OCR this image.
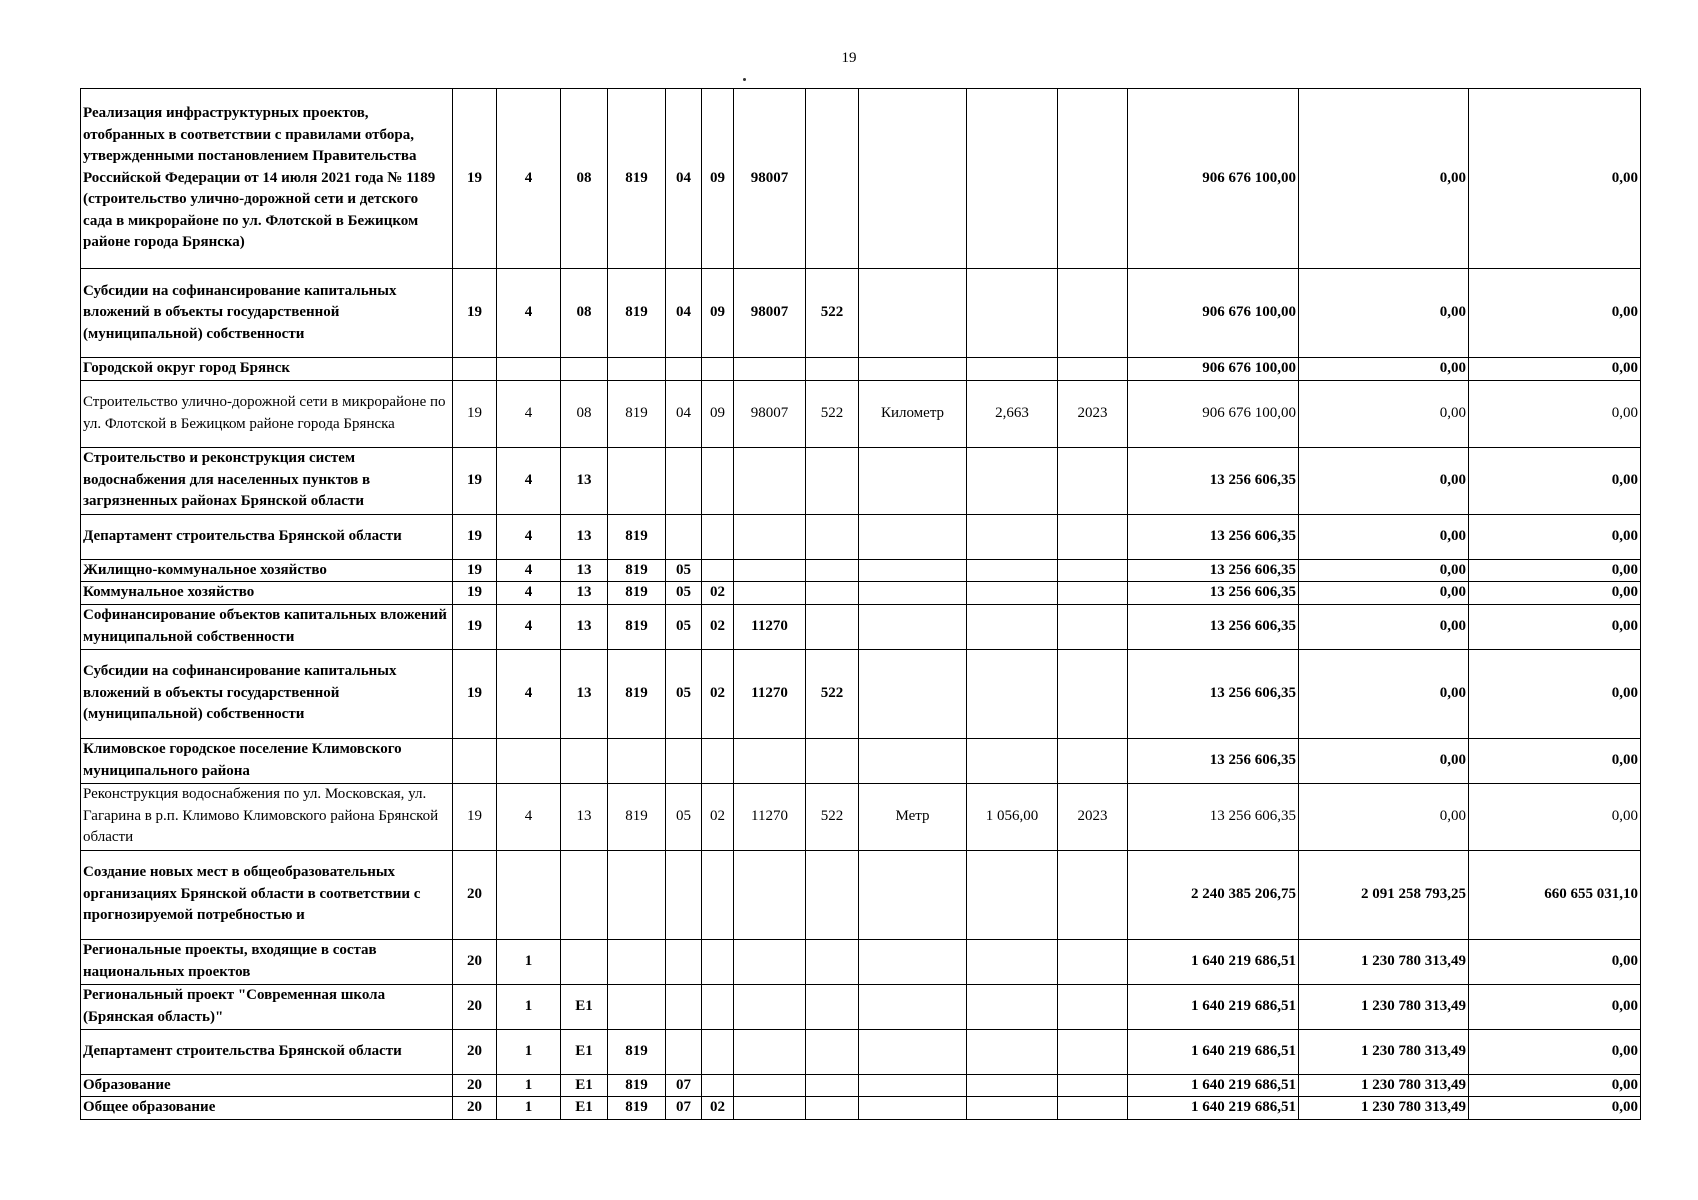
19
Реализация инфраструктурных проектов, отобранных в соответствии с правилами отбора, утвержденными постановлением Правительства Российской Федерации от 14 июля 2021 года № 1189 (строительство улично-дорожной сети и детского сада в микрорайоне по ул. Флотской в Бежицком районе города Брянска)	19	4	08	819	04	09	98007					906 676 100,00	0,00	0,00
Субсидии на софинансирование капитальных вложений в объекты государственной (муниципальной) собственности	19	4	08	819	04	09	98007	522				906 676 100,00	0,00	0,00
Городской округ город Брянск												906 676 100,00	0,00	0,00
Строительство улично-дорожной сети в микрорайоне по ул. Флотской в Бежицком районе города Брянска	19	4	08	819	04	09	98007	522	Километр	2,663	2023	906 676 100,00	0,00	0,00
Строительство и реконструкция систем водоснабжения для населенных пунктов в загрязненных районах Брянской области	19	4	13									13 256 606,35	0,00	0,00
Департамент строительства Брянской области	19	4	13	819								13 256 606,35	0,00	0,00
Жилищно-коммунальное хозяйство	19	4	13	819	05							13 256 606,35	0,00	0,00
Коммунальное хозяйство	19	4	13	819	05	02						13 256 606,35	0,00	0,00
Софинансирование объектов капитальных вложений муниципальной собственности	19	4	13	819	05	02	11270					13 256 606,35	0,00	0,00
Субсидии на софинансирование капитальных вложений в объекты государственной (муниципальной) собственности	19	4	13	819	05	02	11270	522				13 256 606,35	0,00	0,00
Климовское городское поселение Климовского муниципального района												13 256 606,35	0,00	0,00
Реконструкция водоснабжения по ул. Московская, ул. Гагарина в р.п. Климово Климовского района Брянской области	19	4	13	819	05	02	11270	522	Метр	1 056,00	2023	13 256 606,35	0,00	0,00
Создание новых мест в общеобразовательных организациях Брянской области в соответствии с прогнозируемой потребностью и	20											2 240 385 206,75	2 091 258 793,25	660 655 031,10
Региональные проекты, входящие в состав национальных проектов	20	1										1 640 219 686,51	1 230 780 313,49	0,00
Региональный проект "Современная школа (Брянская область)"	20	1	E1									1 640 219 686,51	1 230 780 313,49	0,00
Департамент строительства Брянской области	20	1	E1	819								1 640 219 686,51	1 230 780 313,49	0,00
Образование	20	1	E1	819	07							1 640 219 686,51	1 230 780 313,49	0,00
Общее образование	20	1	E1	819	07	02						1 640 219 686,51	1 230 780 313,49	0,00
